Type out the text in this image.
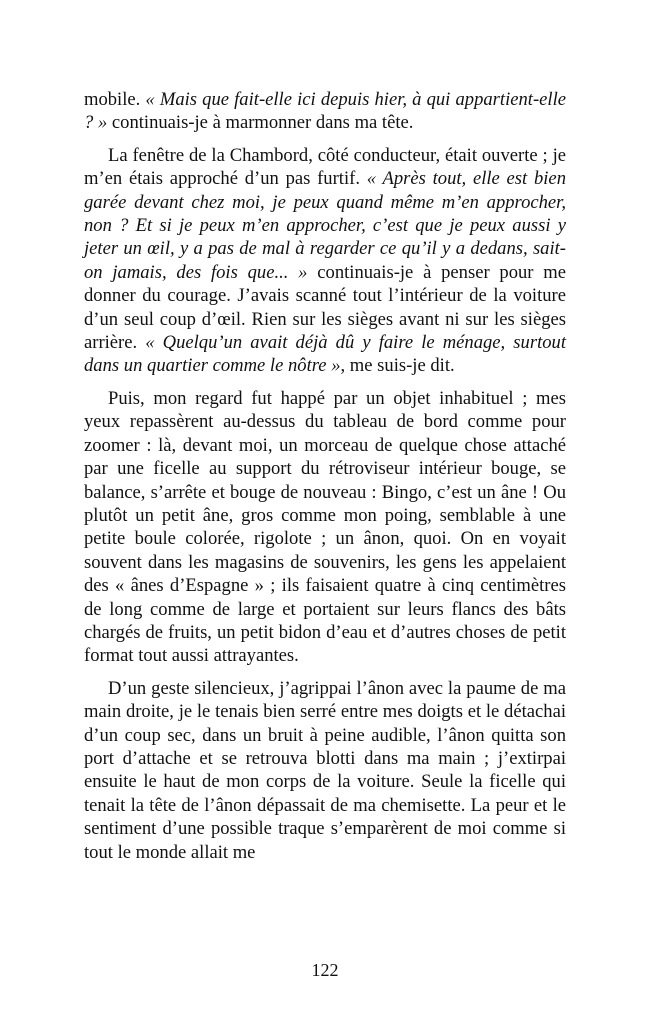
mobile. « Mais que fait-elle ici depuis hier, à qui appartient-elle ? » continuais-je à marmonner dans ma tête.

La fenêtre de la Chambord, côté conducteur, était ouverte ; je m’en étais approché d’un pas furtif. « Après tout, elle est bien garée devant chez moi, je peux quand même m’en approcher, non ? Et si je peux m’en approcher, c’est que je peux aussi y jeter un œil, y a pas de mal à regarder ce qu’il y a dedans, sait-on jamais, des fois que... » continuais-je à penser pour me donner du courage. J’avais scanné tout l’intérieur de la voiture d’un seul coup d’œil. Rien sur les sièges avant ni sur les sièges arrière. « Quelqu’un avait déjà dû y faire le ménage, surtout dans un quartier comme le nôtre », me suis-je dit.

Puis, mon regard fut happé par un objet inhabituel ; mes yeux repassèrent au-dessus du tableau de bord comme pour zoomer : là, devant moi, un morceau de quelque chose attaché par une ficelle au support du rétroviseur intérieur bouge, se balance, s’arrête et bouge de nouveau : Bingo, c’est un âne ! Ou plutôt un petit âne, gros comme mon poing, semblable à une petite boule colorée, rigolote ; un ânon, quoi. On en voyait souvent dans les magasins de souvenirs, les gens les appelaient des « ânes d’Espagne » ; ils faisaient quatre à cinq centimètres de long comme de large et portaient sur leurs flancs des bâts chargés de fruits, un petit bidon d’eau et d’autres choses de petit format tout aussi attrayantes.

D’un geste silencieux, j’agrippai l’ânon avec la paume de ma main droite, je le tenais bien serré entre mes doigts et le détachai d’un coup sec, dans un bruit à peine audible, l’ânon quitta son port d’attache et se retrouva blotti dans ma main ; j’extirpai ensuite le haut de mon corps de la voiture. Seule la ficelle qui tenait la tête de l’ânon dépassait de ma chemisette. La peur et le sentiment d’une possible traque s’emparèrent de moi comme si tout le monde allait me

122
